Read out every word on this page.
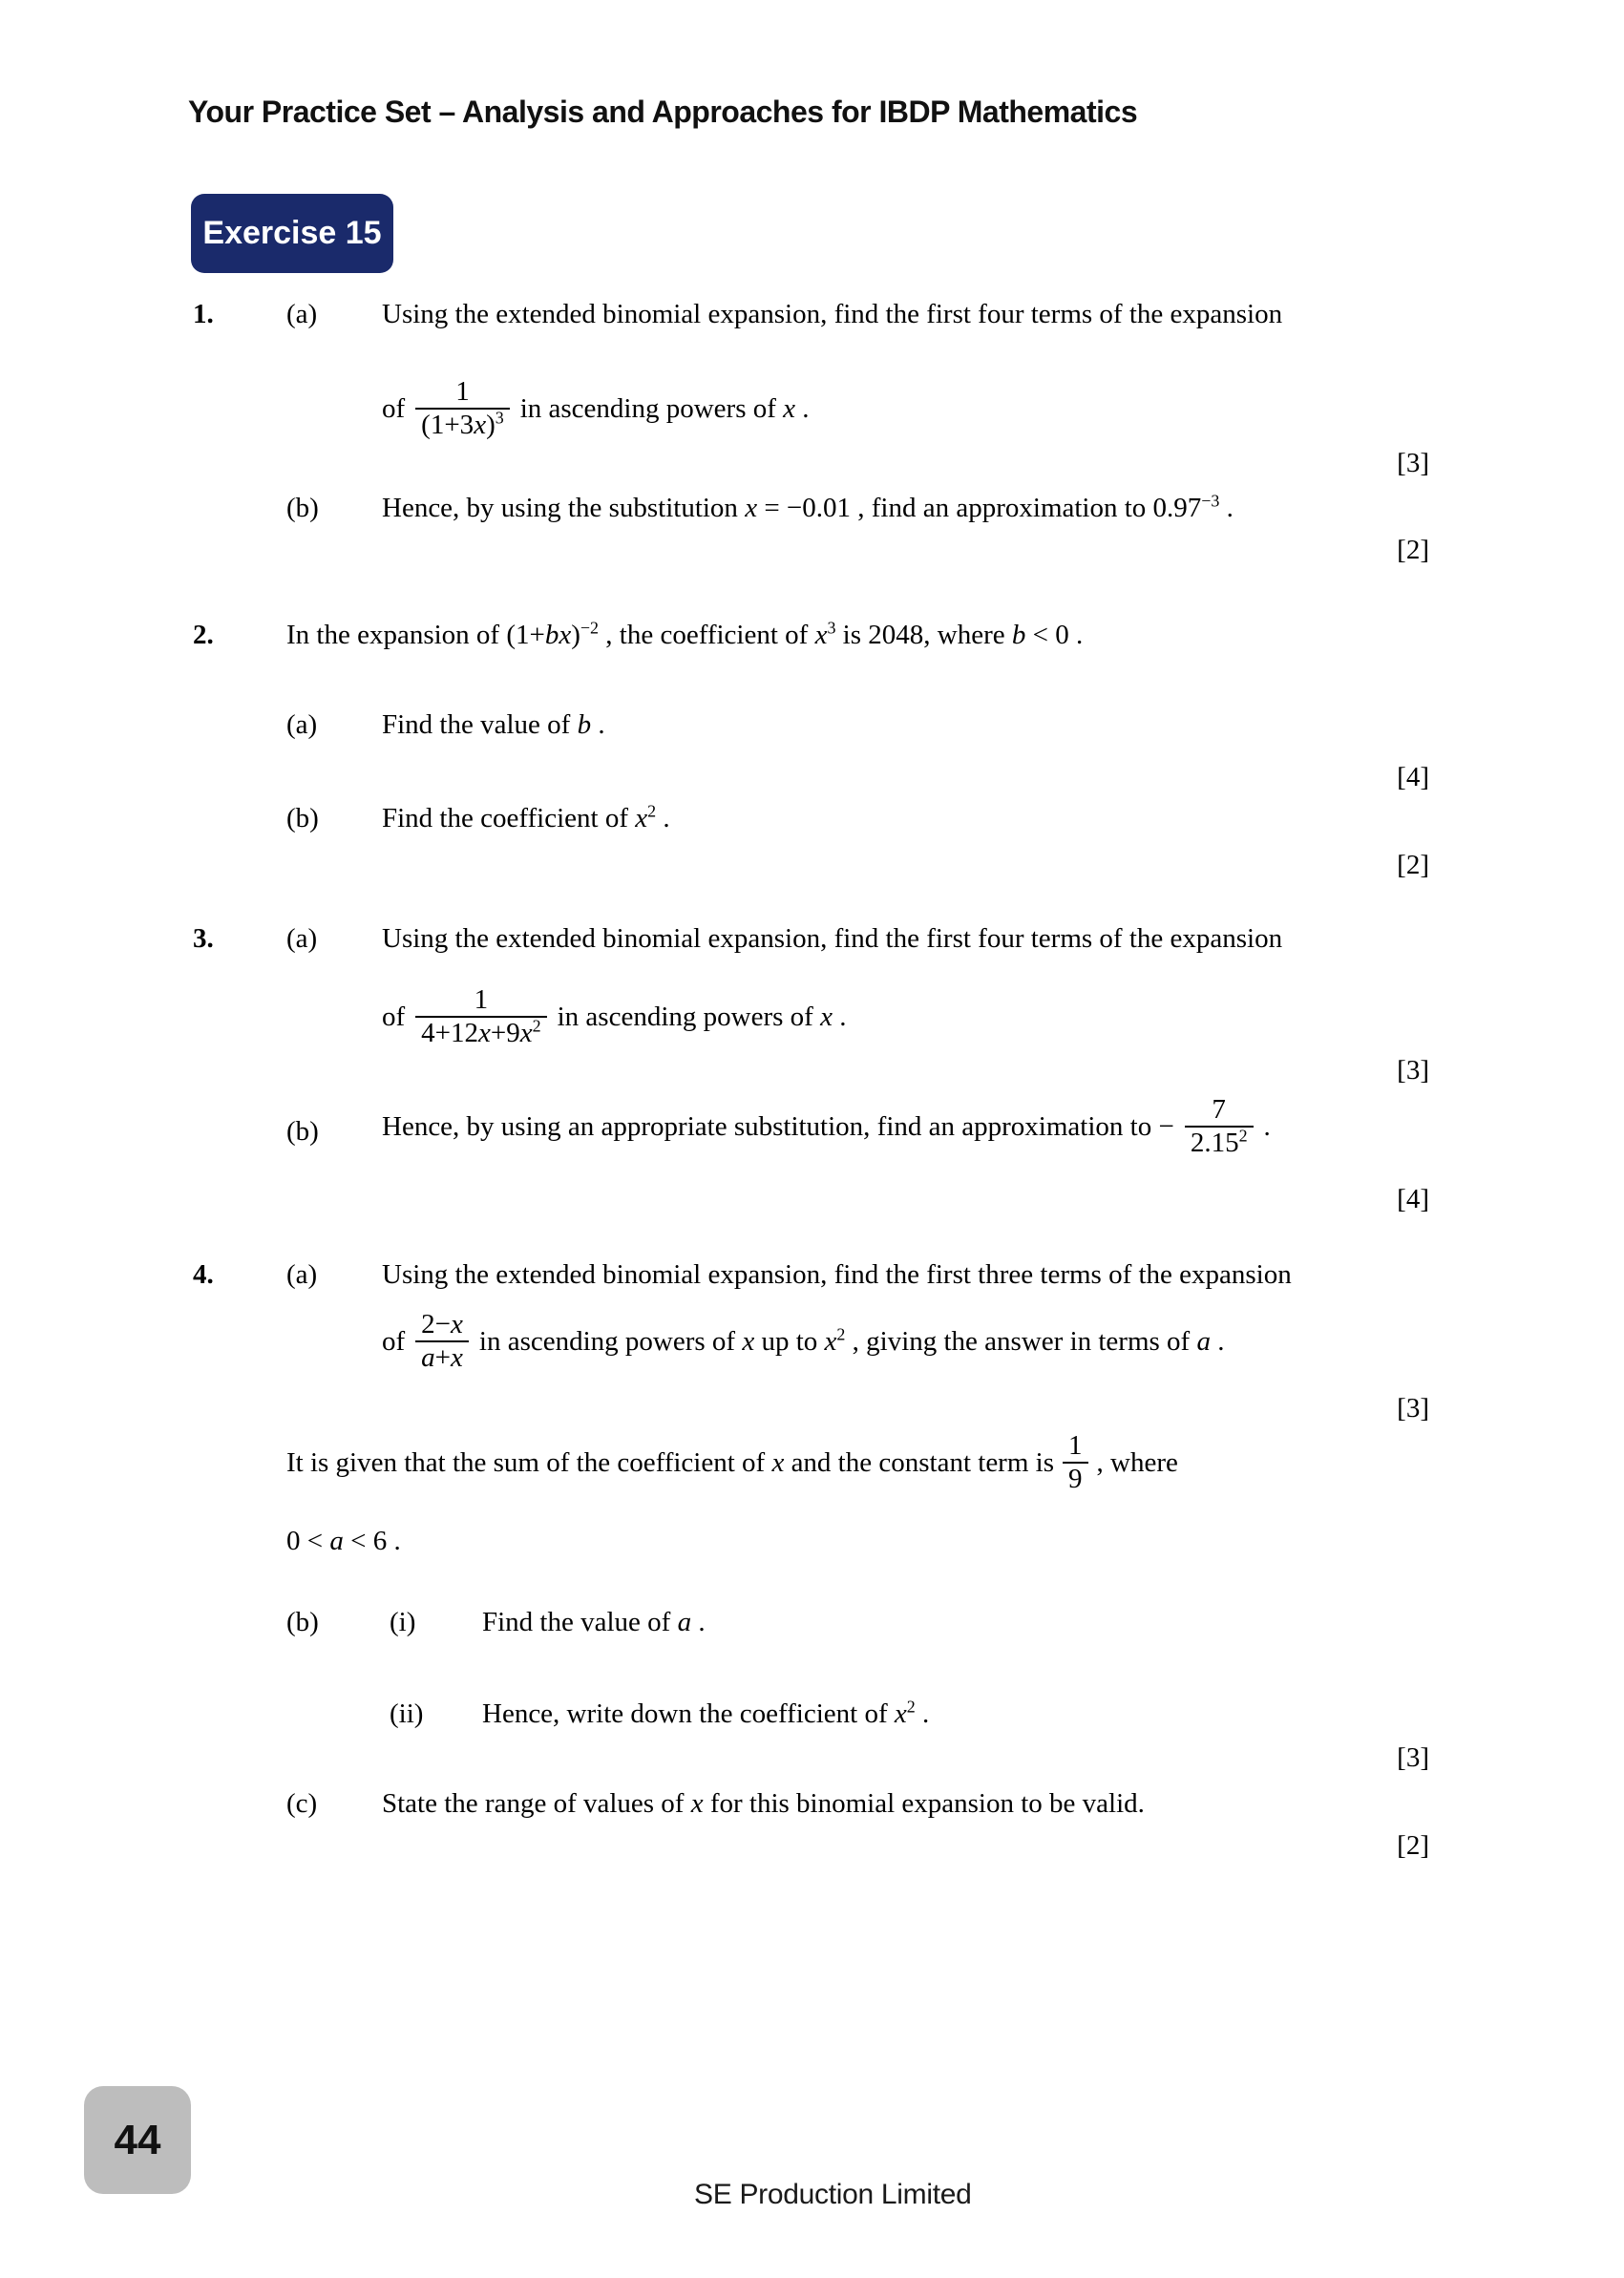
Your Practice Set – Analysis and Approaches for IBDP Mathematics
Exercise 15
1.	(a) Using the extended binomial expansion, find the first four terms of the expansion
of $\frac{1}{(1+3x)^3}$ in ascending powers of x .
[3]
(b) Hence, by using the substitution x = −0.01 , find an approximation to $0.97^{-3}$ .
[2]
2.	In the expansion of $(1+bx)^{-2}$ , the coefficient of $x^3$ is 2048, where b < 0 .
(a) Find the value of b .
[4]
(b) Find the coefficient of $x^2$ .
[2]
3.	(a) Using the extended binomial expansion, find the first four terms of the expansion
of $\frac{1}{4+12x+9x^2}$ in ascending powers of x .
[3]
(b) Hence, by using an appropriate substitution, find an approximation to − $\frac{7}{2.15^2}$ .
[4]
4.	(a) Using the extended binomial expansion, find the first three terms of the expansion
of $\frac{2-x}{a+x}$ in ascending powers of x up to $x^2$ , giving the answer in terms of a .
[3]
It is given that the sum of the coefficient of x and the constant term is $\frac{1}{9}$ , where
0 < a < 6 .
(b)	(i) Find the value of a .
(ii) Hence, write down the coefficient of $x^2$ .
[3]
(c) State the range of values of x for this binomial expansion to be valid.
[2]
44
SE Production Limited
